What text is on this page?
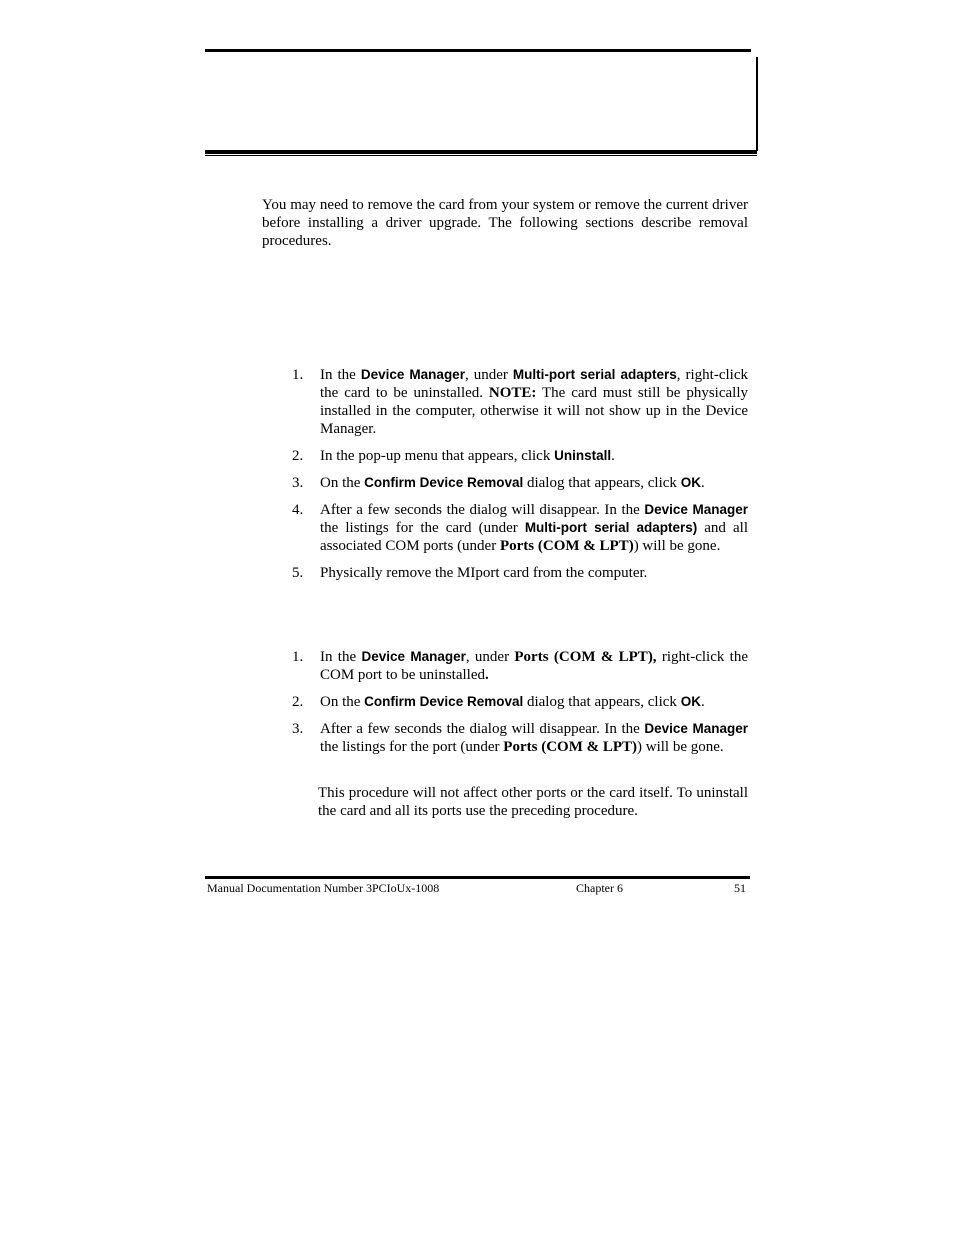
You may need to remove the card from your system or remove the current driver before installing a driver upgrade. The following sections describe removal procedures.
1.	In the Device Manager, under Multi-port serial adapters, right-click the card to be uninstalled. NOTE: The card must still be physically installed in the computer, otherwise it will not show up in the Device Manager.
2.	In the pop-up menu that appears, click Uninstall.
3.	On the Confirm Device Removal dialog that appears, click OK.
4.	After a few seconds the dialog will disappear. In the Device Manager the listings for the card (under Multi-port serial adapters) and all associated COM ports (under Ports (COM & LPT)) will be gone.
5.	Physically remove the MIport card from the computer.
1.	In the Device Manager, under Ports (COM & LPT), right-click the COM port to be uninstalled.
2.	On the Confirm Device Removal dialog that appears, click OK.
3.	After a few seconds the dialog will disappear. In the Device Manager the listings for the port (under Ports (COM & LPT)) will be gone.
This procedure will not affect other ports or the card itself. To uninstall the card and all its ports use the preceding procedure.
Manual Documentation Number 3PCIoUx-1008	Chapter 6	51
